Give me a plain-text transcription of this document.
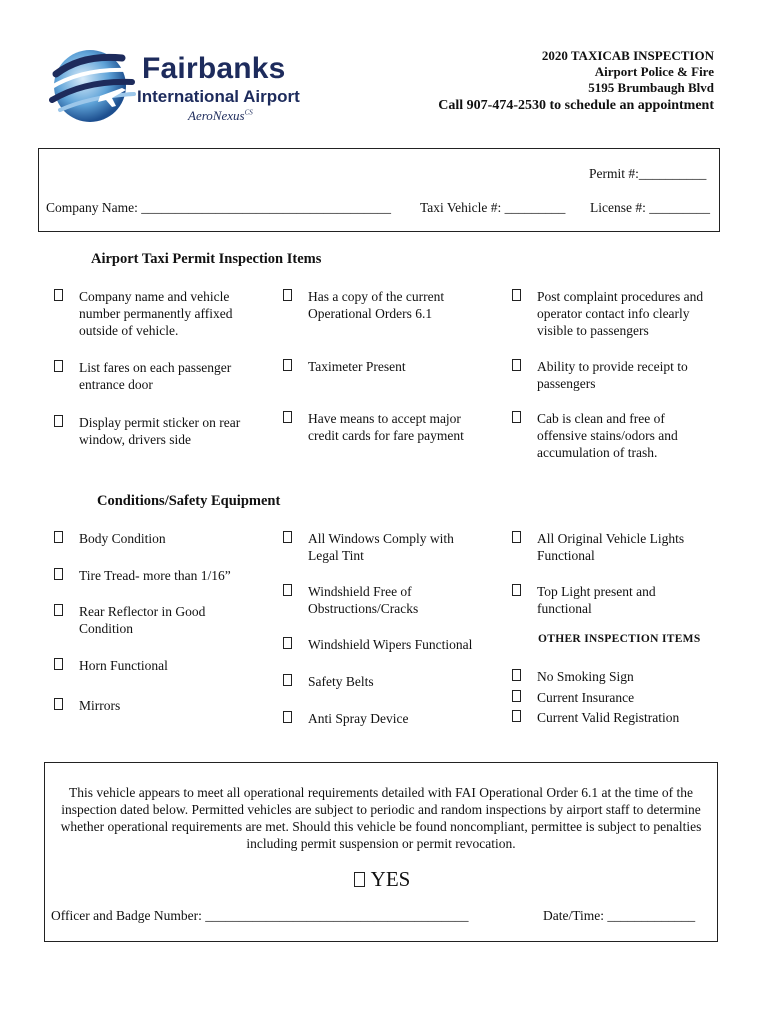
Fairbanks
International Airport
AeroNexus$^{CS}$
2020 TAXICAB INSPECTION
Airport Police & Fire
5195 Brumbaugh Blvd
Call 907-474-2530 to schedule an appointment
Permit #:__________
Company Name: _____________________________________ Taxi Vehicle #: _________ License #: _________
Airport Taxi Permit Inspection Items
Company name and vehicle number permanently affixed outside of vehicle.
Has a copy of the current Operational Orders 6.1
Post complaint procedures and operator contact info clearly visible to passengers
List fares on each passenger entrance door
Taximeter Present	Ability to provide receipt to passengers
Display permit sticker on rear window, drivers side
Have means to accept major credit cards for fare payment
Cab is clean and free of offensive stains/odors and accumulation of trash.
Conditions/Safety Equipment
Body Condition
Tire Tread- more than 1/16”
Rear Reflector in Good Condition
Horn Functional
Mirrors
All Windows Comply with Legal Tint
Windshield Free of Obstructions/Cracks
Windshield Wipers Functional
Safety Belts
Anti Spray Device
All Original Vehicle Lights Functional
Top Light present and functional
OTHER INSPECTION ITEMS
No Smoking Sign
Current Insurance
Current Valid Registration
This vehicle appears to meet all operational requirements detailed with FAI Operational Order 6.1 at the time of the inspection dated below. Permitted vehicles are subject to periodic and random inspections by airport staff to determine whether operational requirements are met. Should this vehicle be found noncompliant, permittee is subject to penalties including permit suspension or permit revocation.
YES
Officer and Badge Number: _______________________________________	Date/Time: _____________
